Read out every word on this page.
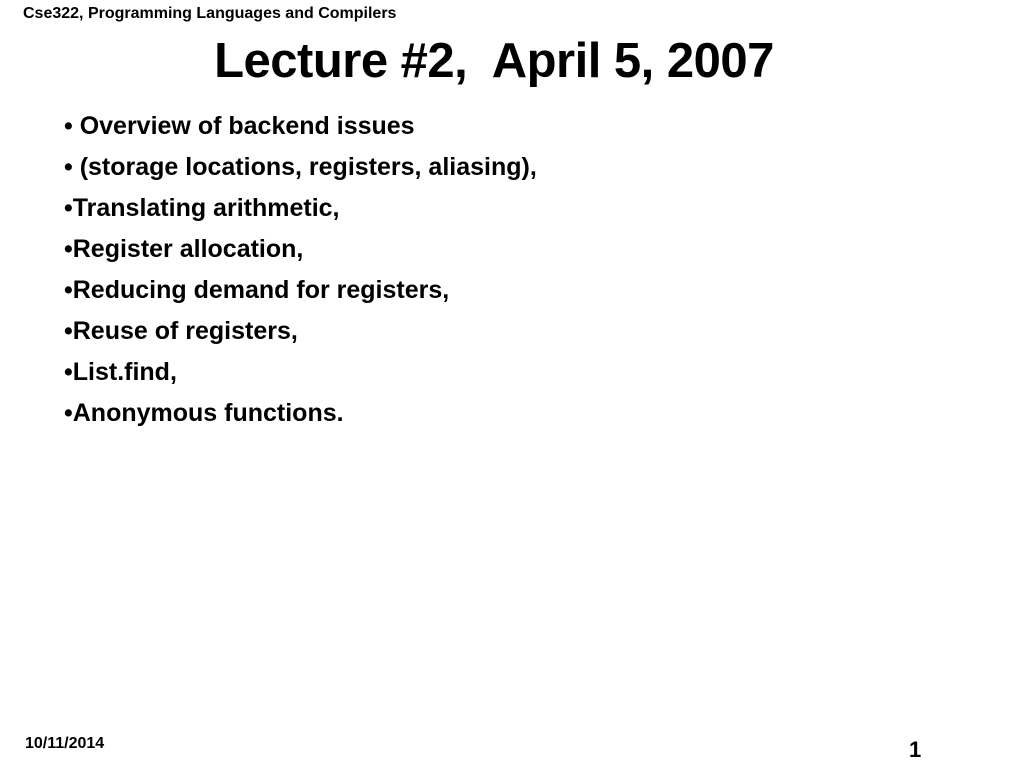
Cse322, Programming Languages and Compilers
Lecture #2,  April 5, 2007
• Overview of backend issues
• (storage locations, registers, aliasing),
•Translating arithmetic,
•Register allocation,
•Reducing demand for registers,
•Reuse of registers,
•List.find,
•Anonymous functions.
10/11/2014	1
